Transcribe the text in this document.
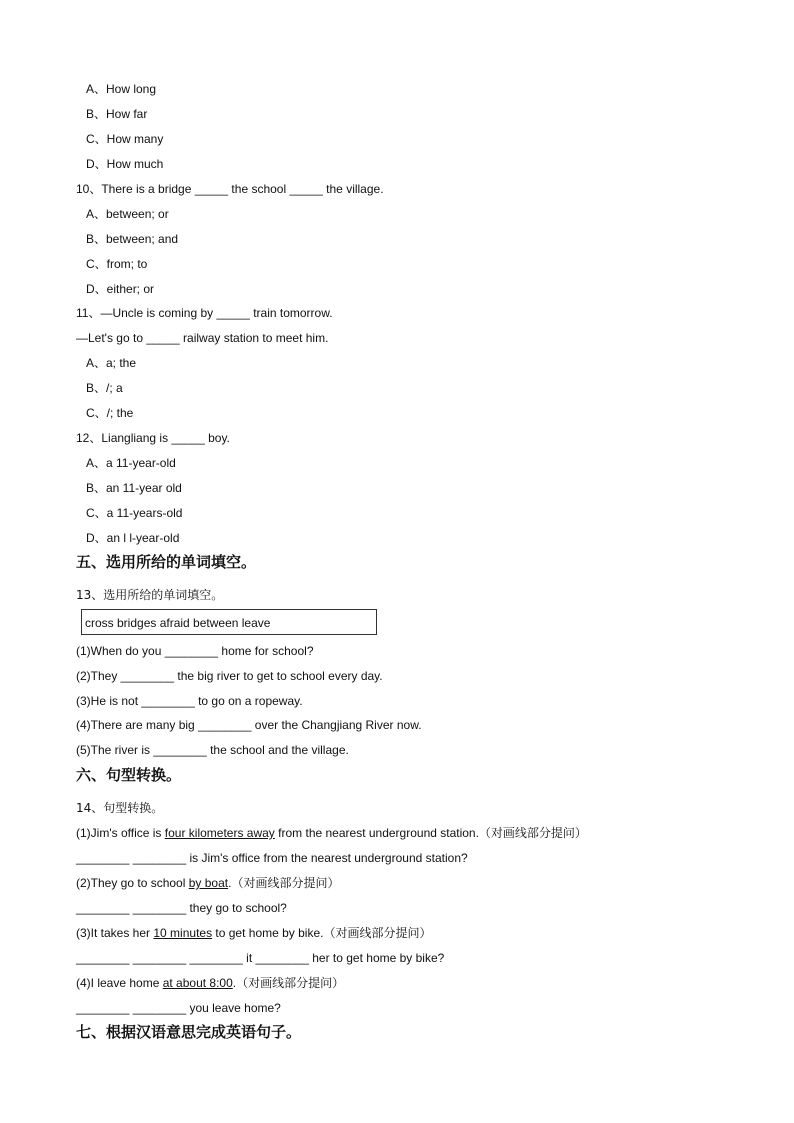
A、How long
B、How far
C、How many
D、How much
10、There is a bridge _____ the school _____ the village.
A、between; or
B、between; and
C、from; to
D、either; or
11、—Uncle is coming by _____ train tomorrow.
—Let's go to _____ railway station to meet him.
A、a; the
B、/; a
C、/; the
12、Liangliang is _____ boy.
A、a 11-year-old
B、an 11-year old
C、a 11-years-old
D、an l l-year-old
五、选用所给的单词填空。
13、选用所给的单词填空。
cross bridges afraid between leave
(1)When do you ________ home for school?
(2)They ________ the big river to get to school every day.
(3)He is not ________ to go on a ropeway.
(4)There are many big ________ over the Changjiang River now.
(5)The river is ________ the school and the village.
六、句型转换。
14、句型转换。
(1)Jim's office is four kilometers away from the nearest underground station.（对画线部分提问）
________ ________ is Jim's office from the nearest underground station?
(2)They go to school by boat.（对画线部分提问）
________ ________ they go to school?
(3)It takes her 10 minutes to get home by bike.（对画线部分提问）
________ ________ ________ it ________ her to get home by bike?
(4)I leave home at about 8:00.（对画线部分提问）
________ ________ you leave home?
七、根据汉语意思完成英语句子。
